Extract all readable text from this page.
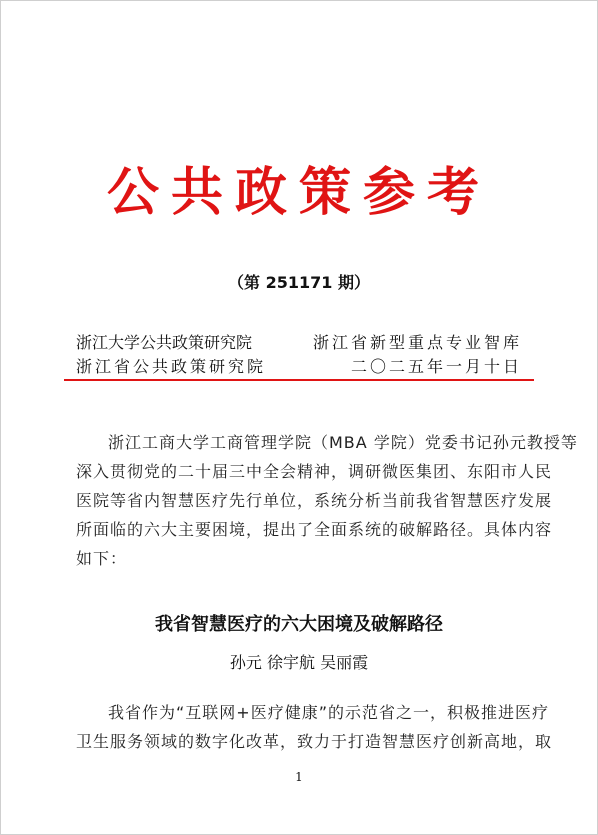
公共政策参考
（第 251171 期）
浙江大学公共政策研究院	浙江省新型重点专业智库
浙江省公共政策研究院	二〇二五年一月十日
浙江工商大学工商管理学院（MBA 学院）党委书记孙元教授等
深入贯彻党的二十届三中全会精神，调研微医集团、东阳市人民
医院等省内智慧医疗先行单位，系统分析当前我省智慧医疗发展
所面临的六大主要困境，提出了全面系统的破解路径。具体内容
如下：
我省智慧医疗的六大困境及破解路径
孙元 徐宇航 吴丽霞
我省作为“互联网+医疗健康”的示范省之一，积极推进医疗
卫生服务领域的数字化改革，致力于打造智慧医疗创新高地，取
1
